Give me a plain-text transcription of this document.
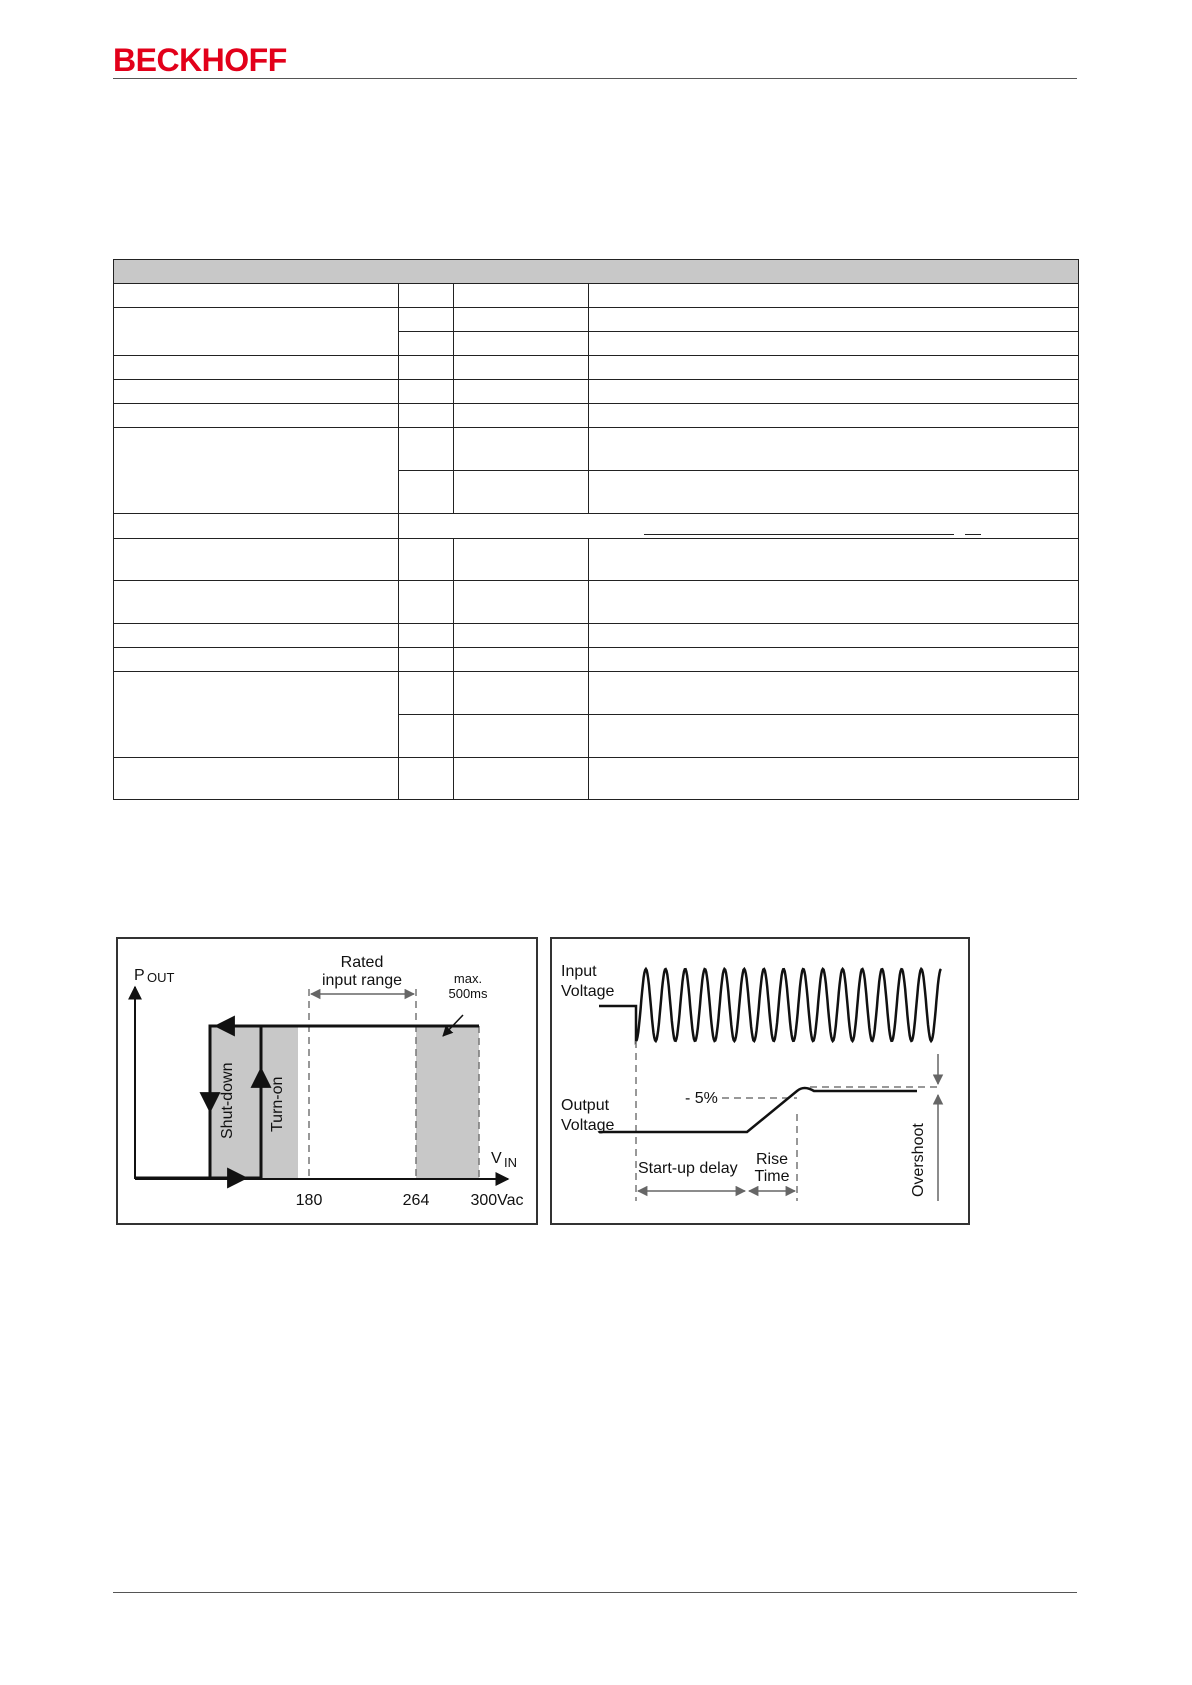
BECKHOFF

P OUT
V IN
Rated
input range	max.
500ms
Shut-down Turn-on
180	264	300Vac
Input
Voltage
Output
Voltage
- 5%
Start-up delay
Rise
Time	Overshoot
